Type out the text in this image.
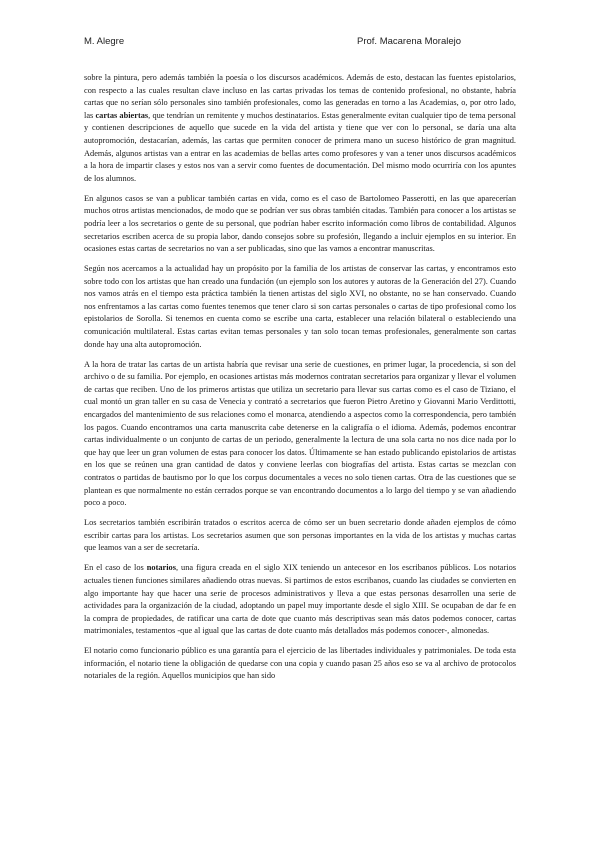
M. Alegre	Prof. Macarena Moralejo

sobre la pintura, pero además también la poesía o los discursos académicos. Además de esto, destacan las fuentes epistolarios, con respecto a las cuales resultan clave incluso en las cartas privadas los temas de contenido profesional, no obstante, habría cartas que no serían sólo personales sino también profesionales, como las generadas en torno a las Academias, o, por otro lado, las cartas abiertas, que tendrían un remitente y muchos destinatarios. Estas generalmente evitan cualquier tipo de tema personal y contienen descripciones de aquello que sucede en la vida del artista y tiene que ver con lo personal, se daría una alta autopromoción, destacarían, además, las cartas que permiten conocer de primera mano un suceso histórico de gran magnitud. Además, algunos artistas van a entrar en las academias de bellas artes como profesores y van a tener unos discursos académicos a la hora de impartir clases y estos nos van a servir como fuentes de documentación. Del mismo modo ocurriría con los apuntes de los alumnos.

En algunos casos se van a publicar también cartas en vida, como es el caso de Bartolomeo Passerotti, en las que aparecerían muchos otros artistas mencionados, de modo que se podrían ver sus obras también citadas. También para conocer a los artistas se podría leer a los secretarios o gente de su personal, que podrían haber escrito información como libros de contabilidad. Algunos secretarios escriben acerca de su propia labor, dando consejos sobre su profesión, llegando a incluir ejemplos en su interior. En ocasiones estas cartas de secretarios no van a ser publicadas, sino que las vamos a encontrar manuscritas.

Según nos acercamos a la actualidad hay un propósito por la familia de los artistas de conservar las cartas, y encontramos esto sobre todo con los artistas que han creado una fundación (un ejemplo son los autores y autoras de la Generación del 27). Cuando nos vamos atrás en el tiempo esta práctica también la tienen artistas del siglo XVI, no obstante, no se han conservado. Cuando nos enfrentamos a las cartas como fuentes tenemos que tener claro si son cartas personales o cartas de tipo profesional como los epistolarios de Sorolla. Si tenemos en cuenta como se escribe una carta, establecer una relación bilateral o estableciendo una comunicación multilateral. Estas cartas evitan temas personales y tan solo tocan temas profesionales, generalmente son cartas donde hay una alta autopromoción.

A la hora de tratar las cartas de un artista habría que revisar una serie de cuestiones, en primer lugar, la procedencia, si son del archivo o de su familia. Por ejemplo, en ocasiones artistas más modernos contratan secretarios para organizar y llevar el volumen de cartas que reciben. Uno de los primeros artistas que utiliza un secretario para llevar sus cartas como es el caso de Tiziano, el cual montó un gran taller en su casa de Venecia y contrató a secretarios que fueron Pietro Aretino y Giovanni Mario Verdittotti, encargados del mantenimiento de sus relaciones como el monarca, atendiendo a aspectos como la correspondencia, pero también los pagos. Cuando encontramos una carta manuscrita cabe detenerse en la caligrafía o el idioma. Además, podemos encontrar cartas individualmente o un conjunto de cartas de un periodo, generalmente la lectura de una sola carta no nos dice nada por lo que hay que leer un gran volumen de estas para conocer los datos. Últimamente se han estado publicando epistolarios de artistas en los que se reúnen una gran cantidad de datos y conviene leerlas con biografías del artista. Estas cartas se mezclan con contratos o partidas de bautismo por lo que los corpus documentales a veces no solo tienen cartas. Otra de las cuestiones que se plantean es que normalmente no están cerrados porque se van encontrando documentos a lo largo del tiempo y se van añadiendo poco a poco.

Los secretarios también escribirán tratados o escritos acerca de cómo ser un buen secretario donde añaden ejemplos de cómo escribir cartas para los artistas. Los secretarios asumen que son personas importantes en la vida de los artistas y muchas cartas que leamos van a ser de secretaría.

En el caso de los notarios, una figura creada en el siglo XIX teniendo un antecesor en los escribanos públicos. Los notarios actuales tienen funciones similares añadiendo otras nuevas. Si partimos de estos escribanos, cuando las ciudades se convierten en algo importante hay que hacer una serie de procesos administrativos y lleva a que estas personas desarrollen una serie de actividades para la organización de la ciudad, adoptando un papel muy importante desde el siglo XIII. Se ocupaban de dar fe en la compra de propiedades, de ratificar una carta de dote que cuanto más descriptivas sean más datos podemos conocer, cartas matrimoniales, testamentos -que al igual que las cartas de dote cuanto más detallados más podemos conocer-, almonedas.

El notario como funcionario público es una garantía para el ejercicio de las libertades individuales y patrimoniales. De toda esta información, el notario tiene la obligación de quedarse con una copia y cuando pasan 25 años eso se va al archivo de protocolos notariales de la región. Aquellos municipios que han sido
